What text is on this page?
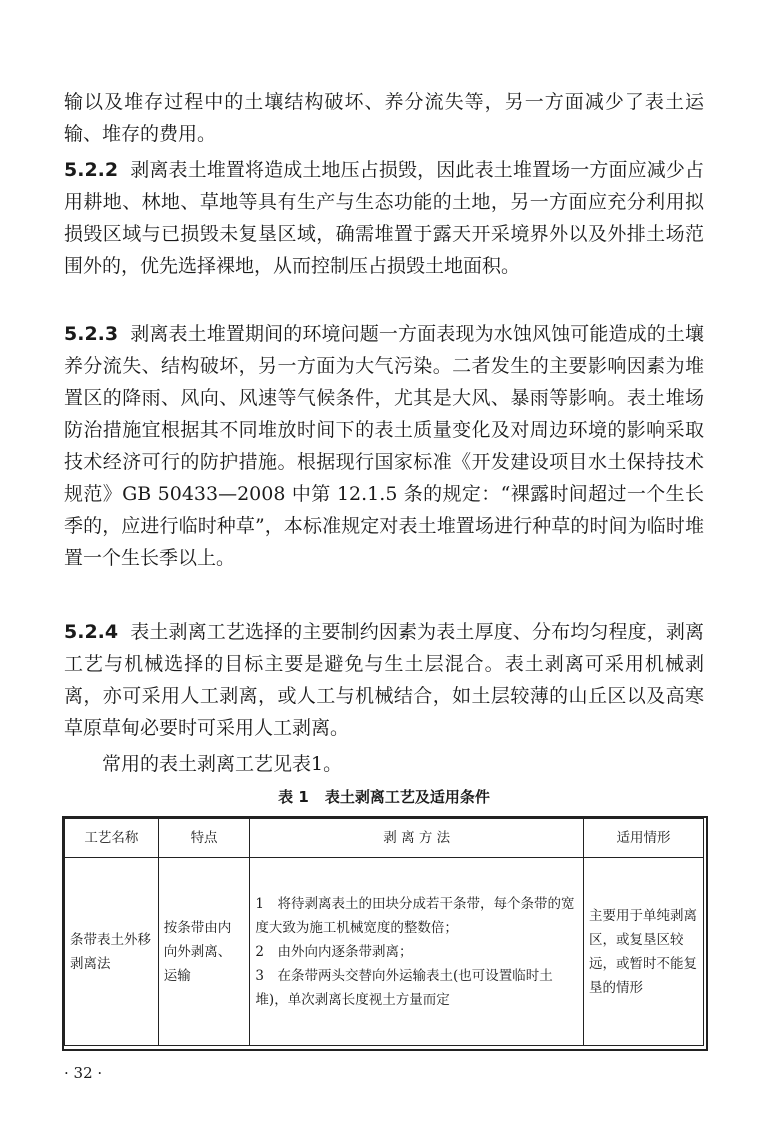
输以及堆存过程中的土壤结构破坏、养分流失等，另一方面减少了表土运输、堆存的费用。

5.2.2 剥离表土堆置将造成土地压占损毁，因此表土堆置场一方面应减少占用耕地、林地、草地等具有生产与生态功能的土地，另一方面应充分利用拟损毁区域与已损毁未复垦区域，确需堆置于露天开采境界外以及外排土场范围外的，优先选择裸地，从而控制压占损毁土地面积。

5.2.3 剥离表土堆置期间的环境问题一方面表现为水蚀风蚀可能造成的土壤养分流失、结构破坏，另一方面为大气污染。二者发生的主要影响因素为堆置区的降雨、风向、风速等气候条件，尤其是大风、暴雨等影响。表土堆场防治措施宜根据其不同堆放时间下的表土质量变化及对周边环境的影响采取技术经济可行的防护措施。根据现行国家标准《开发建设项目水土保持技术规范》GB 50433—2008 中第 12.1.5 条的规定：“裸露时间超过一个生长季的，应进行临时种草”，本标准规定对表土堆置场进行种草的时间为临时堆置一个生长季以上。

5.2.4 表土剥离工艺选择的主要制约因素为表土厚度、分布均匀程度，剥离工艺与机械选择的目标主要是避免与生土层混合。表土剥离可采用机械剥离，亦可采用人工剥离，或人工与机械结合，如土层较薄的山丘区以及高寒草原草甸必要时可采用人工剥离。

常用的表土剥离工艺见表1。

表 1 表土剥离工艺及适用条件
工艺名称	特点	剥 离 方 法	适用情形
条带表土外移剥离法	按条带由内向外剥离、运输	1　将待剥离表土的田块分成若干条带，每个条带的宽度大致为施工机械宽度的整数倍；
2　由外向内逐条带剥离；
3　在条带两头交替向外运输表土(也可设置临时土堆)，单次剥离长度视土方量而定	主要用于单纯剥离区，或复垦区较远，或暂时不能复垦的情形
· 32 ·
